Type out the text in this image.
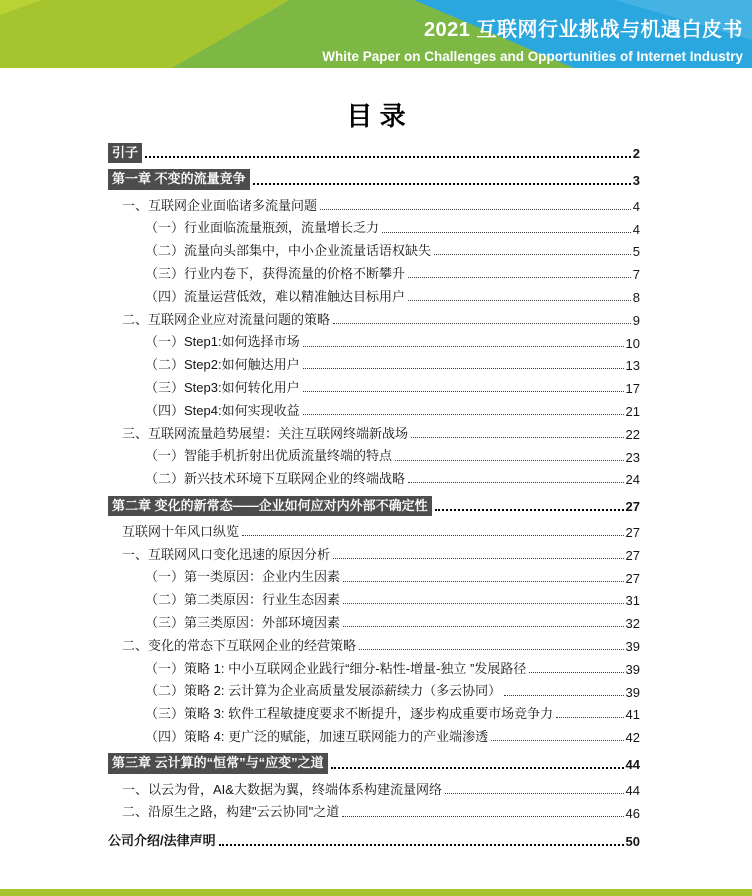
2021 互联网行业挑战与机遇白皮书
White Paper on Challenges and Opportunities of Internet Industry
目 录
引子	2
第一章 不变的流量竞争	3
一、互联网企业面临诸多流量问题	4
（一）行业面临流量瓶颈，流量增长乏力	4
（二）流量向头部集中，中小企业流量话语权缺失	5
（三）行业内卷下，获得流量的价格不断攀升	7
（四）流量运营低效，难以精准触达目标用户	8
二、互联网企业应对流量问题的策略	9
（一）Step1:如何选择市场	10
（二）Step2:如何触达用户	13
（三）Step3:如何转化用户	17
（四）Step4:如何实现收益	21
三、互联网流量趋势展望：关注互联网终端新战场	22
（一）智能手机折射出优质流量终端的特点	23
（二）新兴技术环境下互联网企业的终端战略	24
第二章 变化的新常态——企业如何应对内外部不确定性	27
互联网十年风口纵览	27
一、互联网风口变化迅速的原因分析	27
（一）第一类原因：企业内生因素	27
（二）第二类原因：行业生态因素	31
（三）第三类原因：外部环境因素	32
二、变化的常态下互联网企业的经营策略	39
（一）策略 1: 中小互联网企业践行“细分-粘性-增量-独立 ”发展路径	39
（二）策略 2: 云计算为企业高质量发展添薪续力（多云协同）	39
（三）策略 3: 软件工程敏捷度要求不断提升，逐步构成重要市场竞争力	41
（四）策略 4: 更广泛的赋能，加速互联网能力的产业端渗透	42
第三章 云计算的“恒常”与“应变”之道	44
一、以云为骨，AI&大数据为翼，终端体系构建流量网络	44
二、沿原生之路，构建"云云协同"之道	46
公司介绍/法律声明	50
